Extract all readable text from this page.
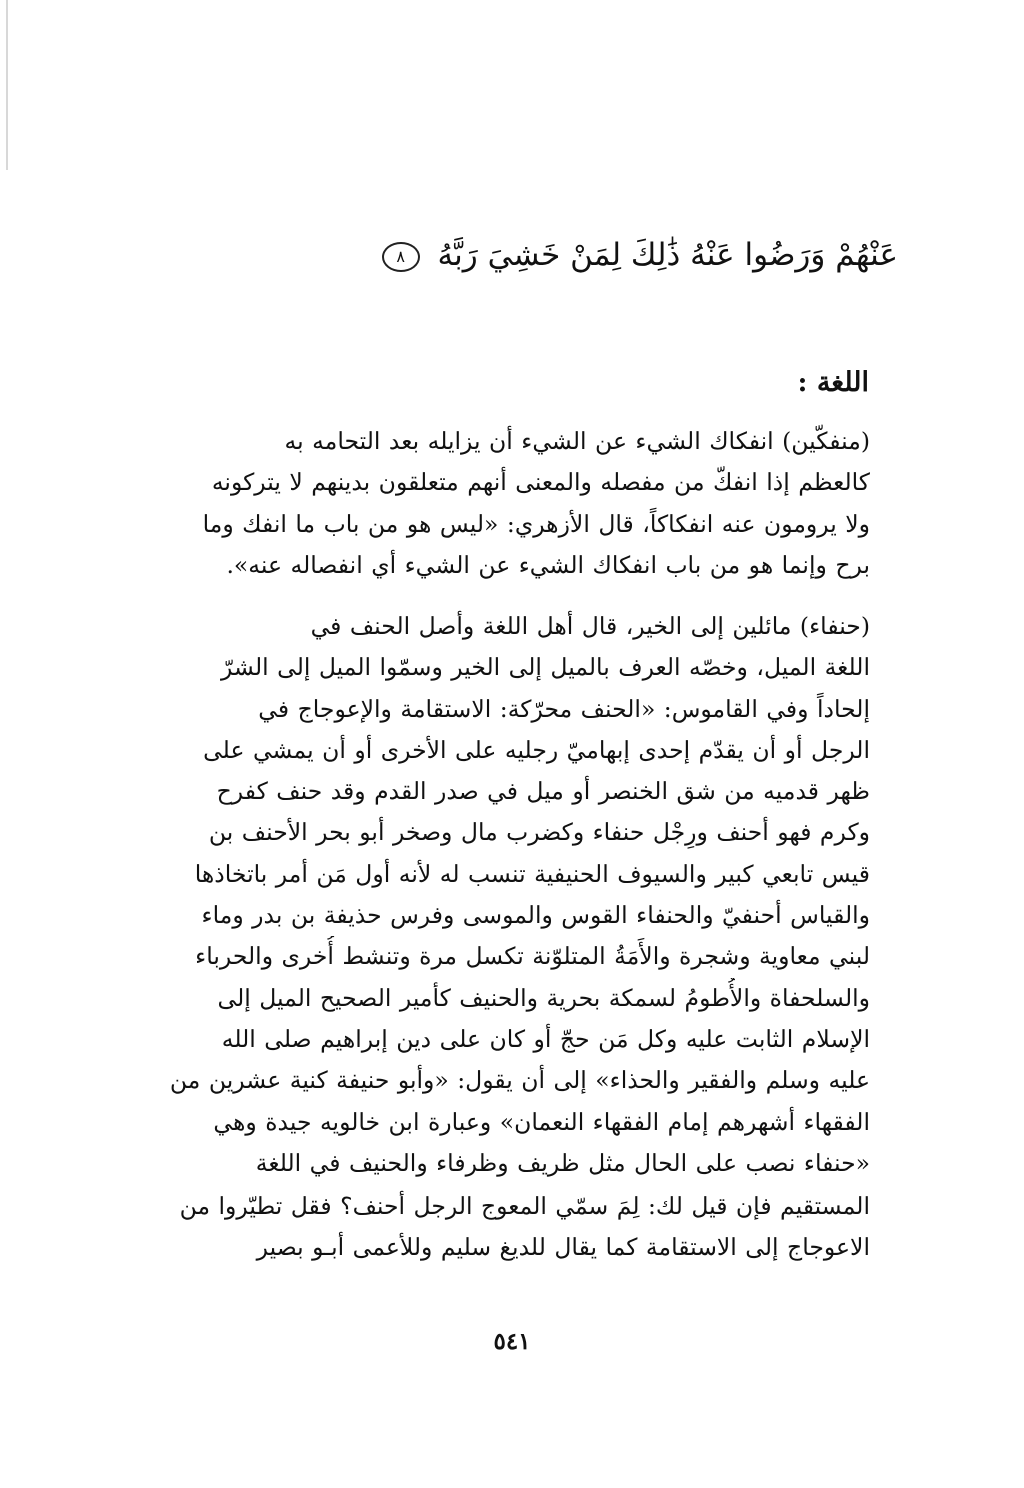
عَنْهُمْ وَرَضُوا عَنْهُ ذَٰلِكَ لِمَنْ خَشِيَ رَبَّهُ ٨
اللغة :
(منفكّين) انفكاك الشيء عن الشيء أن يزايله بعد التحامه به
كالعظم إذا انفكّ من مفصله والمعنى أنهم متعلقون بدينهم لا يتركونه
ولا يرومون عنه انفكاكاً، قال الأزهري: «ليس هو من باب ما انفك وما
برح وإنما هو من باب انفكاك الشيء عن الشيء أي انفصاله عنه».
(حنفاء) مائلين إلى الخير، قال أهل اللغة وأصل الحنف في
اللغة الميل، وخصّه العرف بالميل إلى الخير وسمّوا الميل إلى الشرّ
إلحاداً وفي القاموس: «الحنف محرّكة: الاستقامة والإعوجاج في
الرجل أو أن يقدّم إحدى إبهاميّ رجليه على الأخرى أو أن يمشي على
ظهر قدميه من شق الخنصر أو ميل في صدر القدم وقد حنف كفرح
وكرم فهو أحنف ورِجْل حنفاء وكضرب مال وصخر أبو بحر الأحنف بن
قيس تابعي كبير والسيوف الحنيفية تنسب له لأنه أول مَن أمر باتخاذها
والقياس أحنفيّ والحنفاء القوس والموسى وفرس حذيفة بن بدر وماء
لبني معاوية وشجرة والأَمَةُ المتلوّنة تكسل مرة وتنشط أُخرى والحرباء
والسلحفاة والأُطومُ لسمكة بحرية والحنيف كأمير الصحيح الميل إلى
الإسلام الثابت عليه وكل مَن حجّ أو كان على دين إبراهيم صلى الله
عليه وسلم والفقير والحذاء» إلى أن يقول: «وأبو حنيفة كنية عشرين من
الفقهاء أشهرهم إمام الفقهاء النعمان» وعبارة ابن خالويه جيدة وهي
«حنفاء نصب على الحال مثل ظريف وظرفاء والحنيف في اللغة
المستقيم فإن قيل لك: لِمَ سمّي المعوج الرجل أحنف؟ فقل تطيّروا من
الاعوجاج إلى الاستقامة كما يقال للديغ سليم وللأعمى أبـو بصير
٥٤١
